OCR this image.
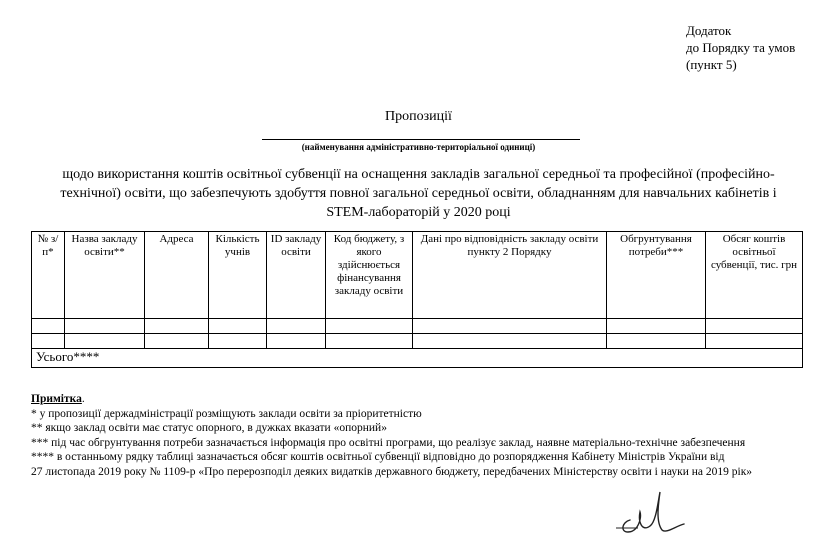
Додаток
до Порядку та умов
(пункт 5)
Пропозиції
(найменування адміністративно-територіальної одиниці)
щодо використання коштів освітньої субвенції на оснащення закладів загальної середньої та професійної (професійно-
технічної) освіти, що забезпечують здобуття повної загальної середньої освіти, обладнанням для навчальних кабінетів і
STEM-лабораторій у 2020 році
№ з/п*	Назва закладу освіти**	Адреса	Кількість учнів	ID закладу освіти	Код бюджету, з якого здійснюється фінансування закладу освіти	Дані про відповідність закладу освіти пункту 2 Порядку	Обгрунтування потреби***	Обсяг коштів освітньої субвенції, тис. грн

Усього****								
Примітка.
* у пропозиції держадміністрації розміщують заклади освіти за пріоритетністю
** якщо заклад освіти має статус опорного, в дужках вказати «опорний»
*** під час обгрунтування потреби зазначається інформація про освітні програми, що реалізує заклад, наявне матеріально-технічне забезпечення
**** в останньому рядку таблиці зазначається обсяг коштів освітньої субвенції відповідно до розпорядження Кабінету Міністрів України від
27 листопада 2019 року № 1109-р «Про перерозподіл деяких видатків державного бюджету, передбачених Міністерству освіти і науки на 2019 рік»
